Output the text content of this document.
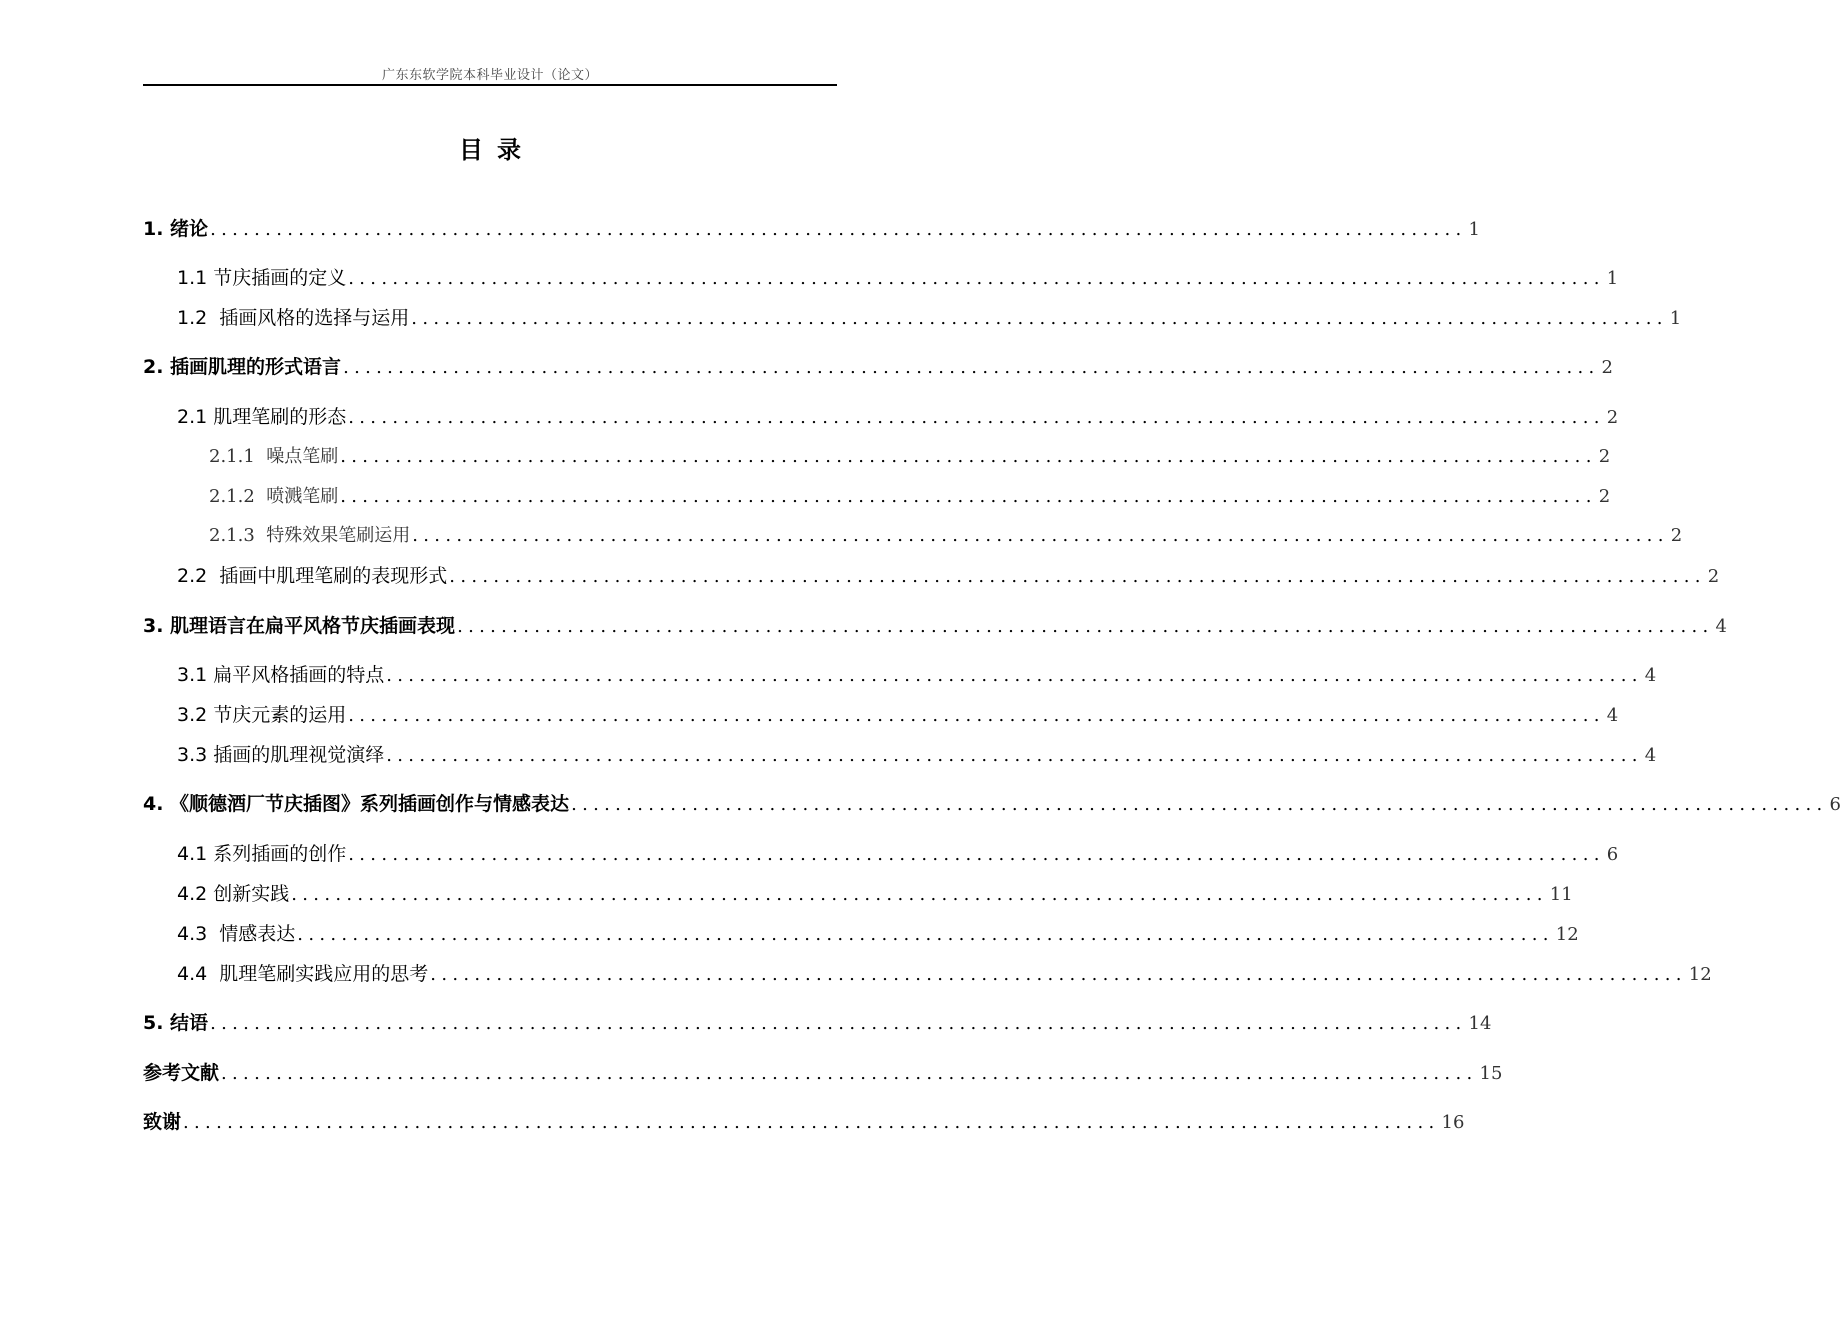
广东东软学院本科毕业设计（论文）
目录
1. 绪论 .................................................................................................................. 1
1.1 节庆插画的定义 .................................................................................................................. 1
1.2  插画风格的选择与运用 .................................................................................................................. 1
2. 插画肌理的形式语言 .................................................................................................................. 2
2.1 肌理笔刷的形态 .................................................................................................................. 2
2.1.1  噪点笔刷 .................................................................................................................. 2
2.1.2  喷溅笔刷 .................................................................................................................. 2
2.1.3  特殊效果笔刷运用 .................................................................................................................. 2
2.2  插画中肌理笔刷的表现形式 .................................................................................................................. 2
3. 肌理语言在扁平风格节庆插画表现 .................................................................................................................. 4
3.1 扁平风格插画的特点 .................................................................................................................. 4
3.2 节庆元素的运用 .................................................................................................................. 4
3.3 插画的肌理视觉演绎 .................................................................................................................. 4
4. 《顺德酒厂节庆插图》系列插画创作与情感表达 .................................................................................................................. 6
4.1 系列插画的创作 .................................................................................................................. 6
4.2 创新实践 .................................................................................................................. 11
4.3  情感表达 .................................................................................................................. 12
4.4  肌理笔刷实践应用的思考 .................................................................................................................. 12
5. 结语 .................................................................................................................. 14
参考文献 .................................................................................................................. 15
致谢 .................................................................................................................. 16
